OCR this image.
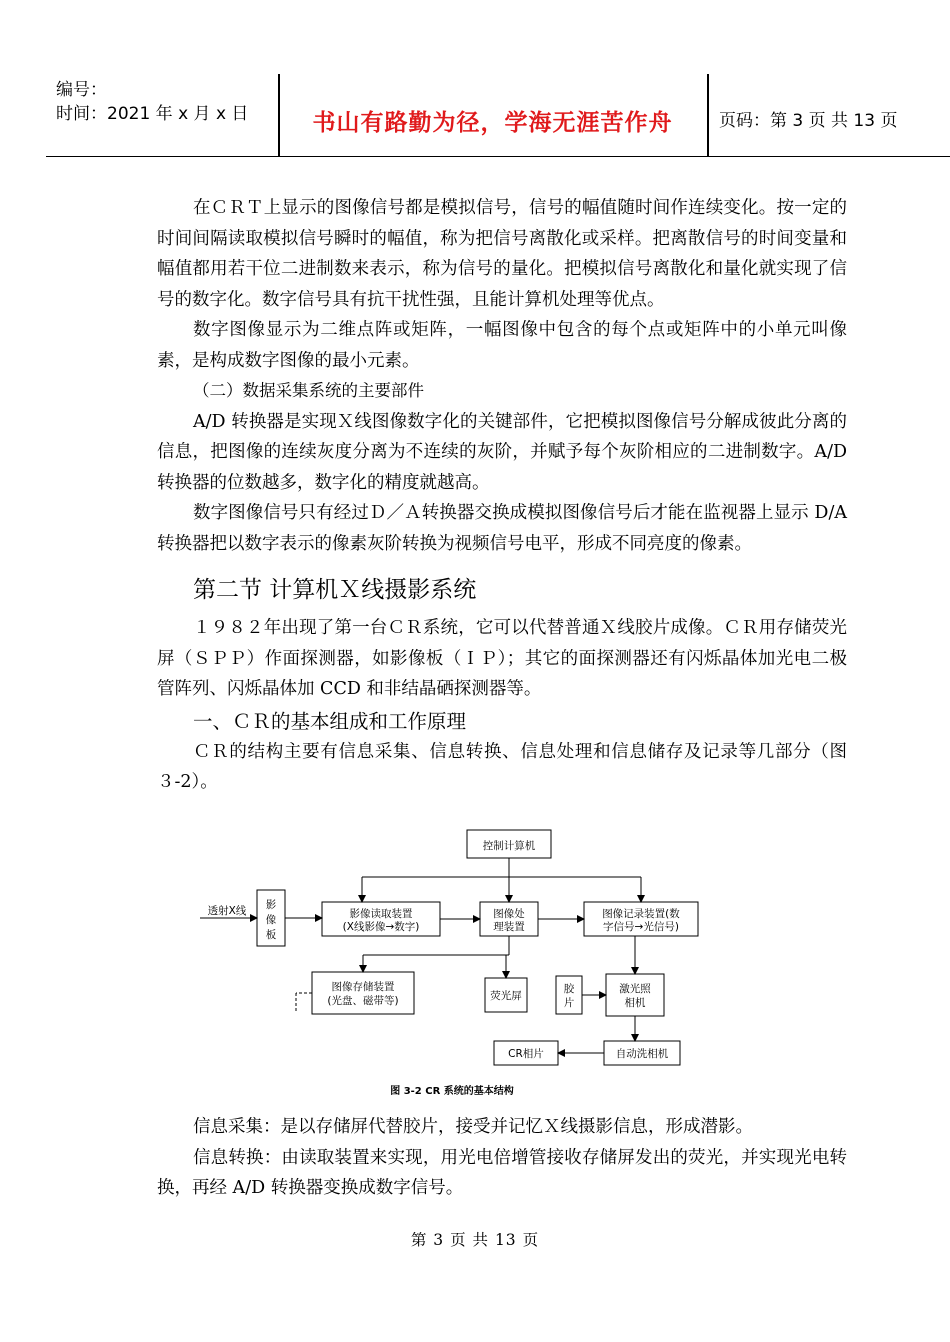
编号：
时间：2021 年 x 月 x 日	书山有路勤为径，学海无涯苦作舟	页码：第 3 页 共 13 页

在ＣＲＴ上显示的图像信号都是模拟信号，信号的幅值随时间作连续变化。按一定的时间间隔读取模拟信号瞬时的幅值，称为把信号离散化或采样。把离散信号的时间变量和幅值都用若干位二进制数来表示，称为信号的量化。把模拟信号离散化和量化就实现了信号的数字化。数字信号具有抗干扰性强，且能计算机处理等优点。

数字图像显示为二维点阵或矩阵，一幅图像中包含的每个点或矩阵中的小单元叫像素，是构成数字图像的最小元素。

（二）数据采集系统的主要部件

A/D 转换器是实现Ｘ线图像数字化的关键部件，它把模拟图像信号分解成彼此分离的信息，把图像的连续灰度分离为不连续的灰阶，并赋予每个灰阶相应的二进制数字。A/D 转换器的位数越多，数字化的精度就越高。

数字图像信号只有经过Ｄ／Ａ转换器交换成模拟图像信号后才能在监视器上显示 D/A 转换器把以数字表示的像素灰阶转换为视频信号电平，形成不同亮度的像素。

第二节 计算机Ｘ线摄影系统

１９８２年出现了第一台ＣＲ系统，它可以代替普通Ｘ线胶片成像。ＣＲ用存储荧光屏（ＳＰＰ）作面探测器，如影像板（ＩＰ）；其它的面探测器还有闪烁晶体加光电二极管阵列、闪烁晶体加 CCD 和非结晶硒探测器等。

一、ＣＲ的基本组成和工作原理

ＣＲ的结构主要有信息采集、信息转换、信息处理和信息储存及记录等几部分（图３-2）。

控制计算机
透射X线 影
像
板
影像读取装置
(X线影像→数字)
图像处
理装置
图像记录装置(数
字信号→光信号)
图像存储装置
(光盘、磁带等)	荧光屏
胶
片
激光照
相机
CR相片	自动洗相机
图 3-2 CR 系统的基本结构

信息采集：是以存储屏代替胶片，接受并记忆Ｘ线摄影信息，形成潜影。

信息转换：由读取装置来实现，用光电倍增管接收存储屏发出的荧光，并实现光电转换，再经 A/D 转换器变换成数字信号。

第 3 页 共 13 页
